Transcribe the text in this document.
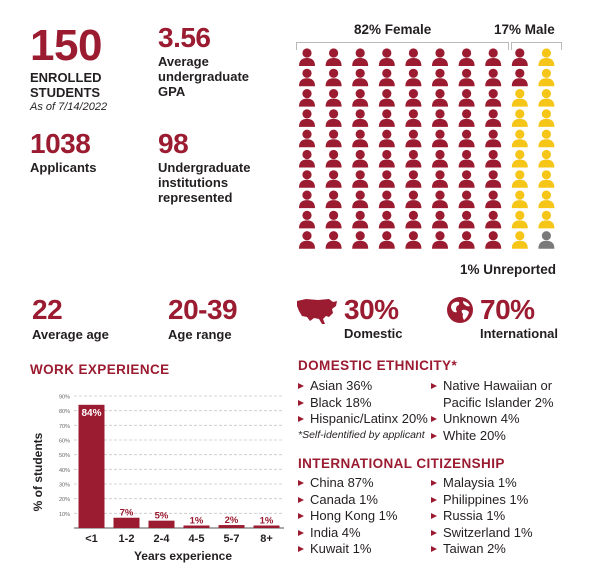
150
ENROLLED STUDENTS
As of 7/14/2022
3.56
Average undergraduate GPA
1038
Applicants
98
Undergraduate institutions represented
82% Female	17% Male
1% Unreported
22
Average age
20-39
Age range
30%
Domestic
70%
International
WORK EXPERIENCE
10%
20%
30%
40%
50%
60%
70%
80%
90%
84%
<1
7%
1-2
5%
2-4
1%
4-5
2%
5-7
1%
8+
Years experience
% of students
DOMESTIC ETHNICITY*
Asian 36%
Black 18%
Hispanic/Latinx 20%
*Self-identified by applicant
Native Hawaiian or Pacific Islander 2%
Unknown 4%
White 20%
INTERNATIONAL CITIZENSHIP
China 87%
Canada 1%
Hong Kong 1%
India 4%
Kuwait 1%
Malaysia 1%
Philippines 1%
Russia 1%
Switzerland 1%
Taiwan 2%
